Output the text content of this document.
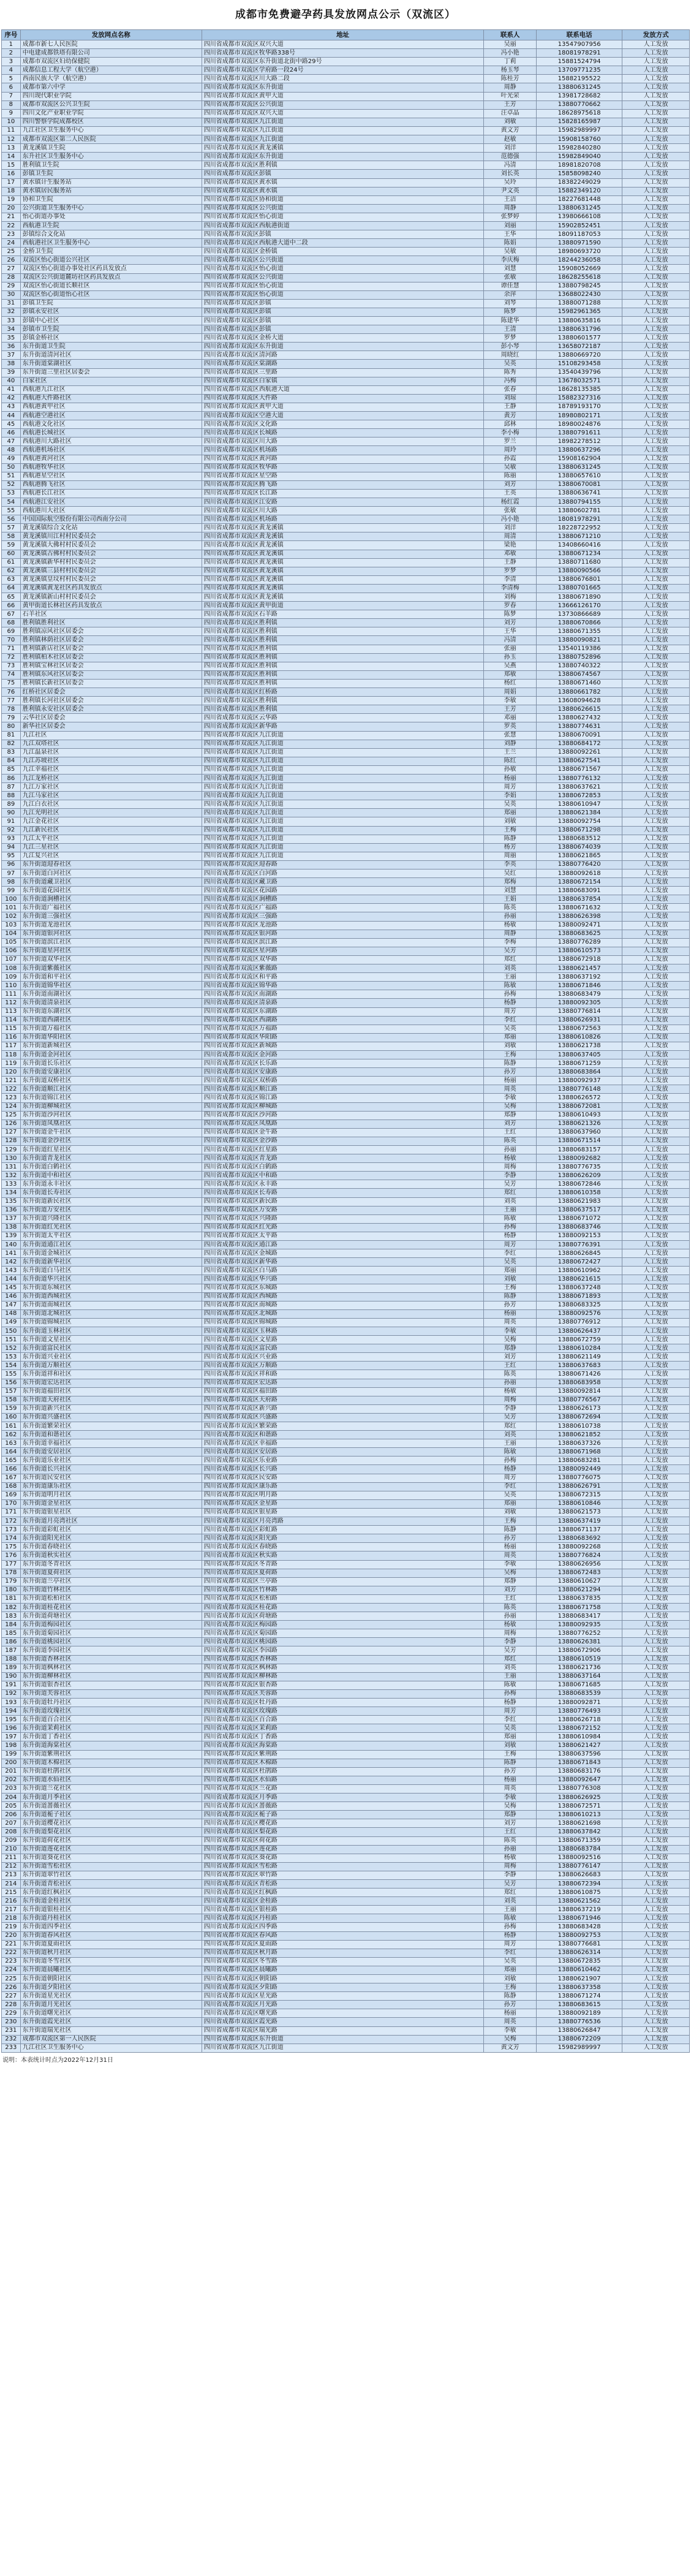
成都市免费避孕药具发放网点公示（双流区）
序号	发放网点名称	地址	联系人	联系电话	发放方式
1	成都市新七人民医院	四川省成都市双流区双兴大道	吴丽	13547907956	人工发放
2	中电建成都铁塔有限公司	四川省成都市双流区牧华路338号	冯小艳	18081978291	人工发放
3	成都市双流区妇幼保健院	四川省成都市双流区东升街道北街中路29号	丁莉	15881524794	人工发放
4	成都信息工程大学（航空港）	四川省成都市双流区学府路一段24号	杨玉琴	13709771235	人工发放
5	西南民族大学（航空港）	四川省成都市双流区川大路二段	陈桂芳	15882195522	人工发放
6	成都市第六中学	四川省成都市双流区东升街道	周静	13880631245	人工发放
7	四川现代职业学院	四川省成都市双流区黄甲大道	叶光荣	13981728682	人工发放
8	成都市双流区公兴卫生院	四川省成都市双流区公兴街道	王芳	13880770662	人工发放
9	四川文化产业职业学院	四川省成都市双流区双兴大道	汪卓晶	18628975618	人工发放
10	四川警察学院成都校区	四川省成都市双流区九江街道	刘敏	15828165987	人工发放
11	九江社区卫生服务中心	四川省成都市双流区九江街道	黄文芳	15982989997	人工发放
12	成都市双流区第二人民医院	四川省成都市双流区九江街道	赵敏	15908158760	人工发放
13	黄龙溪镇卫生院	四川省成都市双流区黄龙溪镇	刘洋	15982840280	人工发放
14	东升社区卫生服务中心	四川省成都市双流区东升街道	范德强	15982849040	人工发放
15	胜利镇卫生院	四川省成都市双流区胜利镇	冯清	18981820708	人工发放
16	彭镇卫生院	四川省成都市双流区彭镇	刘长英	15858098240	人工发放
17	黄水镇计生服务站	四川省成都市双流区黄水镇	吴玲	18382249029	人工发放
18	黄水镇居民服务站	四川省成都市双流区黄水镇	尹文英	15882349120	人工发放
19	协和卫生院	四川省成都市双流区协和街道	王洁	18227681448	人工发放
20	公兴街道卫生服务中心	四川省成都市双流区公兴街道	周静	13880631245	人工发放
21	怡心街道办事处	四川省成都市双流区怡心街道	张梦婷	13980666108	人工发放
22	西航港卫生院	四川省成都市双流区西航港街道	刘丽	15902852451	人工发放
23	彭镇综合文化站	四川省成都市双流区彭镇	王华	18091187053	人工发放
24	西航港社区卫生服务中心	四川省成都市双流区西航港大道中二段	陈娟	13880971590	人工发放
25	金桥卫生院	四川省成都市双流区金桥镇	吴敏	18980693720	人工发放
26	双流区怡心街道公兴社区	四川省成都市双流区公兴街道	李庆梅	18244236058	人工发放
27	双流区怡心街道办事处社区药具发放点	四川省成都市双流区怡心街道	刘慧	15908052669	人工发放
28	双流区公兴街道麓坊社区药具发放点	四川省成都市双流区公兴街道	张敏	18628255618	人工发放
29	双流区怡心街道长顺社区	四川省成都市双流区怡心街道	谭佳慧	13880798245	人工发放
30	双流区怡心街道怡心社区	四川省成都市双流区怡心街道	余萍	13688022430	人工发放
31	彭镇卫生院	四川省成都市双流区彭镇	刘琴	13880071288	人工发放
32	彭镇永安社区	四川省成都市双流区彭镇	陈梦	15982961365	人工发放
33	彭镇中心社区	四川省成都市双流区彭镇	陈建华	13880635816	人工发放
34	彭镇市卫生院	四川省成都市双流区彭镇	王清	13880631796	人工发放
35	彭镇金桥社区	四川省成都市双流区金桥大道	罗梦	13880601577	人工发放
36	东升街道卫生院	四川省成都市双流区东升街道	彭小琴	13658072187	人工发放
37	东升街道清河社区	四川省成都市双流区清河路	周晓红	13880669720	人工发放
38	东升街道棠湖社区	四川省成都市双流区棠湖路	吴英	15108293458	人工发放
39	东升街道三里社区居委会	四川省成都市双流区三里路	陈秀	13540439796	人工发放
40	白家社区	四川省成都市双流区白家镇	冯梅	13678032571	人工发放
41	西航港九江社区	四川省成都市双流区西航港大道	张春	18628135385	人工发放
42	西航港大件路社区	四川省成都市双流区大件路	刘琼	15882327316	人工发放
43	西航港黄甲社区	四川省成都市双流区黄甲大道	王静	18789193170	人工发放
44	西航港空港社区	四川省成都市双流区空港大道	黄芳	18980802171	人工发放
45	西航港文化社区	四川省成都市双流区文化路	邱林	18980024876	人工发放
46	西航港长城社区	四川省成都市双流区长城路	李小梅	13880791611	人工发放
47	西航港川大路社区	四川省成都市双流区川大路	罗兰	18982278512	人工发放
48	西航港机场社区	四川省成都市双流区机场路	周玲	13880637296	人工发放
49	西航港黄河社区	四川省成都市双流区黄河路	孙霞	15908162904	人工发放
50	西航港牧华社区	四川省成都市双流区牧华路	吴敏	13880631245	人工发放
51	西航港星空社区	四川省成都市双流区星空路	陈丽	13880657610	人工发放
52	西航港腾飞社区	四川省成都市双流区腾飞路	刘芳	13880670081	人工发放
53	西航港长江社区	四川省成都市双流区长江路	王英	13880636741	人工发放
54	西航港江安社区	四川省成都市双流区江安路	杨红霞	13880794155	人工发放
55	西航港川大社区	四川省成都市双流区川大路	张敏	13880602781	人工发放
56	中国国际航空股份有限公司西南分公司	四川省成都市双流区机场路	冯小艳	18081978291	人工发放
57	黄龙溪镇综合文化站	四川省成都市双流区黄龙溪镇	刘洋	18228722952	人工发放
58	黄龙溪镇川江村村民委员会	四川省成都市双流区黄龙溪镇	周清	13880671210	人工发放
59	黄龙溪镇大佛村村民委员会	四川省成都市双流区黄龙溪镇	梁艳	13408660416	人工发放
60	黄龙溪镇古佛村村民委员会	四川省成都市双流区黄龙溪镇	邓敏	13880671234	人工发放
61	黄龙溪镇新华村村民委员会	四川省成都市双流区黄龙溪镇	王静	13880711680	人工发放
62	黄龙溪镇三县村村民委员会	四川省成都市双流区黄龙溪镇	罗梦	13880090566	人工发放
63	黄龙溪镇皇坟村村民委员会	四川省成都市双流区黄龙溪镇	李清	13880676801	人工发放
64	黄龙溪镇黄龙社区药具发放点	四川省成都市双流区黄龙溪镇	李清梅	13880701665	人工发放
65	黄龙溪镇新山村村民委员会	四川省成都市双流区黄龙溪镇	刘梅	13880671890	人工发放
66	黄甲街道长林社区药具发放点	四川省成都市双流区黄甲街道	罗春	13666126170	人工发放
67	石羊社区	四川省成都市双流区石羊路	陈梦	13730866689	人工发放
68	胜利镇胜利社区	四川省成都市双流区胜利镇	刘芳	13880670866	人工发放
69	胜利镇凉风社区居委会	四川省成都市双流区胜利镇	王华	13880671355	人工发放
70	胜利镇林荫社区居委会	四川省成都市双流区胜利镇	冯清	13880090821	人工发放
71	胜利镇新店社区居委会	四川省成都市双流区胜利镇	张丽	13540119386	人工发放
72	胜利镇柏木社区居委会	四川省成都市双流区胜利镇	孙玉	13880752896	人工发放
73	胜利镇宝林社区居委会	四川省成都市双流区胜利镇	吴燕	13880740322	人工发放
74	胜利镇东风社区居委会	四川省成都市双流区胜利镇	郑敏	13880674567	人工发放
75	胜利镇长新社区居委会	四川省成都市双流区胜利镇	杨红	13880671460	人工发放
76	红桥社区居委会	四川省成都市双流区红桥路	周娟	13880661782	人工发放
77	胜利镇长河社区居委会	四川省成都市双流区胜利镇	李敏	13608094628	人工发放
78	胜利镇永安社区居委会	四川省成都市双流区胜利镇	王芳	13880626615	人工发放
79	云华社区居委会	四川省成都市双流区云华路	邓丽	13880627432	人工发放
80	新华社区居委会	四川省成都市双流区新华路	罗英	13880774631	人工发放
81	九江社区	四川省成都市双流区九江街道	张慧	13880670091	人工发放
82	九江双塔社区	四川省成都市双流区九江街道	刘静	13880684172	人工发放
83	九江温泉社区	四川省成都市双流区九江街道	王兰	13880092261	人工发放
84	九江苏坡社区	四川省成都市双流区九江街道	陈红	13880627541	人工发放
85	九江幸福社区	四川省成都市双流区九江街道	孙敏	13880671567	人工发放
86	九江龙桥社区	四川省成都市双流区九江街道	杨丽	13880776132	人工发放
87	九江万家社区	四川省成都市双流区九江街道	周芳	13880637621	人工发放
88	九江马家社区	四川省成都市双流区九江街道	李娟	13880672853	人工发放
89	九江白衣社区	四川省成都市双流区九江街道	吴英	13880610947	人工发放
90	九江光明社区	四川省成都市双流区九江街道	郑丽	13880621384	人工发放
91	九江金花社区	四川省成都市双流区九江街道	刘敏	13880092754	人工发放
92	九江新民社区	四川省成都市双流区九江街道	王梅	13880671298	人工发放
93	九江太平社区	四川省成都市双流区九江街道	陈静	13880683512	人工发放
94	九江三星社区	四川省成都市双流区九江街道	杨芳	13880674039	人工发放
95	九江复兴社区	四川省成都市双流区九江街道	周丽	13880621865	人工发放
96	东升街道迎春社区	四川省成都市双流区迎春路	李英	13880776420	人工发放
97	东升街道白河社区	四川省成都市双流区白河路	吴红	13880092618	人工发放
98	东升街道藏卫社区	四川省成都市双流区藏卫路	郑梅	13880672154	人工发放
99	东升街道花园社区	四川省成都市双流区花园路	刘慧	13880683091	人工发放
100	东升街道涧槽社区	四川省成都市双流区涧槽路	王娟	13880637854	人工发放
101	东升街道广福社区	四川省成都市双流区广福路	陈英	13880671632	人工发放
102	东升街道三强社区	四川省成都市双流区三强路	孙丽	13880626398	人工发放
103	东升街道龙池社区	四川省成都市双流区龙池路	杨敏	13880092471	人工发放
104	东升街道银河社区	四川省成都市双流区银河路	周静	13880683625	人工发放
105	东升街道滨江社区	四川省成都市双流区滨江路	李梅	13880776289	人工发放
106	东升街道星河社区	四川省成都市双流区星河路	吴芳	13880610573	人工发放
107	东升街道双华社区	四川省成都市双流区双华路	郑红	13880672918	人工发放
108	东升街道紫薇社区	四川省成都市双流区紫薇路	刘英	13880621457	人工发放
109	东升街道和平社区	四川省成都市双流区和平路	王丽	13880637192	人工发放
110	东升街道锦华社区	四川省成都市双流区锦华路	陈敏	13880671846	人工发放
111	东升街道南湖社区	四川省成都市双流区南湖路	孙梅	13880683479	人工发放
112	东升街道清泉社区	四川省成都市双流区清泉路	杨静	13880092305	人工发放
113	东升街道东湖社区	四川省成都市双流区东湖路	周芳	13880776814	人工发放
114	东升街道西湖社区	四川省成都市双流区西湖路	李红	13880626931	人工发放
115	东升街道万福社区	四川省成都市双流区万福路	吴英	13880672563	人工发放
116	东升街道华阳社区	四川省成都市双流区华阳路	郑丽	13880610826	人工发放
117	东升街道新城社区	四川省成都市双流区新城路	刘敏	13880621738	人工发放
118	东升街道金河社区	四川省成都市双流区金河路	王梅	13880637405	人工发放
119	东升街道长乐社区	四川省成都市双流区长乐路	陈静	13880671259	人工发放
120	东升街道安康社区	四川省成都市双流区安康路	孙芳	13880683864	人工发放
121	东升街道双桥社区	四川省成都市双流区双桥路	杨丽	13880092937	人工发放
122	东升街道顺江社区	四川省成都市双流区顺江路	周英	13880776148	人工发放
123	东升街道锦江社区	四川省成都市双流区锦江路	李敏	13880626572	人工发放
124	东升街道柳城社区	四川省成都市双流区柳城路	吴梅	13880672081	人工发放
125	东升街道沙河社区	四川省成都市双流区沙河路	郑静	13880610493	人工发放
126	东升街道凤凰社区	四川省成都市双流区凤凰路	刘芳	13880621326	人工发放
127	东升街道金牛社区	四川省成都市双流区金牛路	王红	13880637960	人工发放
128	东升街道金沙社区	四川省成都市双流区金沙路	陈英	13880671514	人工发放
129	东升街道红星社区	四川省成都市双流区红星路	孙丽	13880683157	人工发放
130	东升街道青龙社区	四川省成都市双流区青龙路	杨敏	13880092682	人工发放
131	东升街道白鹤社区	四川省成都市双流区白鹤路	周梅	13880776735	人工发放
132	东升街道中和社区	四川省成都市双流区中和路	李静	13880626209	人工发放
133	东升街道永丰社区	四川省成都市双流区永丰路	吴芳	13880672846	人工发放
134	东升街道长寿社区	四川省成都市双流区长寿路	郑红	13880610358	人工发放
135	东升街道新民社区	四川省成都市双流区新民路	刘英	13880621983	人工发放
136	东升街道万安社区	四川省成都市双流区万安路	王丽	13880637517	人工发放
137	东升街道兴隆社区	四川省成都市双流区兴隆路	陈敏	13880671072	人工发放
138	东升街道红光社区	四川省成都市双流区红光路	孙梅	13880683746	人工发放
139	东升街道太平社区	四川省成都市双流区太平路	杨静	13880092153	人工发放
140	东升街道通江社区	四川省成都市双流区通江路	周芳	13880776391	人工发放
141	东升街道金城社区	四川省成都市双流区金城路	李红	13880626845	人工发放
142	东升街道新华社区	四川省成都市双流区新华路	吴英	13880672427	人工发放
143	东升街道白马社区	四川省成都市双流区白马路	郑丽	13880610962	人工发放
144	东升街道华兴社区	四川省成都市双流区华兴路	刘敏	13880621615	人工发放
145	东升街道东城社区	四川省成都市双流区东城路	王梅	13880637248	人工发放
146	东升街道西城社区	四川省成都市双流区西城路	陈静	13880671893	人工发放
147	东升街道南城社区	四川省成都市双流区南城路	孙芳	13880683325	人工发放
148	东升街道北城社区	四川省成都市双流区北城路	杨丽	13880092576	人工发放
149	东升街道锦城社区	四川省成都市双流区锦城路	周英	13880776912	人工发放
150	东升街道玉林社区	四川省成都市双流区玉林路	李敏	13880626437	人工发放
151	东升街道文星社区	四川省成都市双流区文星路	吴梅	13880672759	人工发放
152	东升街道富民社区	四川省成都市双流区富民路	郑静	13880610284	人工发放
153	东升街道兴业社区	四川省成都市双流区兴业路	刘芳	13880621149	人工发放
154	东升街道万顺社区	四川省成都市双流区万顺路	王红	13880637683	人工发放
155	东升街道祥和社区	四川省成都市双流区祥和路	陈英	13880671426	人工发放
156	东升街道宏达社区	四川省成都市双流区宏达路	孙丽	13880683958	人工发放
157	东升街道福田社区	四川省成都市双流区福田路	杨敏	13880092814	人工发放
158	东升街道天府社区	四川省成都市双流区天府路	周梅	13880776567	人工发放
159	东升街道新兴社区	四川省成都市双流区新兴路	李静	13880626173	人工发放
160	东升街道兴盛社区	四川省成都市双流区兴盛路	吴芳	13880672694	人工发放
161	东升街道繁荣社区	四川省成都市双流区繁荣路	郑红	13880610738	人工发放
162	东升街道和谐社区	四川省成都市双流区和谐路	刘英	13880621852	人工发放
163	东升街道幸福社区	四川省成都市双流区幸福路	王丽	13880637326	人工发放
164	东升街道安居社区	四川省成都市双流区安居路	陈敏	13880671968	人工发放
165	东升街道乐业社区	四川省成都市双流区乐业路	孙梅	13880683281	人工发放
166	东升街道长兴社区	四川省成都市双流区长兴路	杨静	13880092449	人工发放
167	东升街道民安社区	四川省成都市双流区民安路	周芳	13880776075	人工发放
168	东升街道康乐社区	四川省成都市双流区康乐路	李红	13880626791	人工发放
169	东升街道明月社区	四川省成都市双流区明月路	吴英	13880672315	人工发放
170	东升街道金星社区	四川省成都市双流区金星路	郑丽	13880610846	人工发放
171	东升街道银星社区	四川省成都市双流区银星路	刘敏	13880621573	人工发放
172	东升街道月亮湾社区	四川省成都市双流区月亮湾路	王梅	13880637419	人工发放
173	东升街道彩虹社区	四川省成都市双流区彩虹路	陈静	13880671137	人工发放
174	东升街道阳光社区	四川省成都市双流区阳光路	孙芳	13880683692	人工发放
175	东升街道春晓社区	四川省成都市双流区春晓路	杨丽	13880092268	人工发放
176	东升街道秋实社区	四川省成都市双流区秋实路	周英	13880776824	人工发放
177	东升街道冬青社区	四川省成都市双流区冬青路	李敏	13880626956	人工发放
178	东升街道夏荷社区	四川省成都市双流区夏荷路	吴梅	13880672483	人工发放
179	东升街道兰亭社区	四川省成都市双流区兰亭路	郑静	13880610627	人工发放
180	东升街道竹林社区	四川省成都市双流区竹林路	刘芳	13880621294	人工发放
181	东升街道松柏社区	四川省成都市双流区松柏路	王红	13880637835	人工发放
182	东升街道桂花社区	四川省成都市双流区桂花路	陈英	13880671758	人工发放
183	东升街道荷塘社区	四川省成都市双流区荷塘路	孙丽	13880683417	人工发放
184	东升街道梅园社区	四川省成都市双流区梅园路	杨敏	13880092935	人工发放
185	东升街道菊园社区	四川省成都市双流区菊园路	周梅	13880776252	人工发放
186	东升街道桃园社区	四川省成都市双流区桃园路	李静	13880626381	人工发放
187	东升街道李园社区	四川省成都市双流区李园路	吴芳	13880672906	人工发放
188	东升街道杏林社区	四川省成都市双流区杏林路	郑红	13880610519	人工发放
189	东升街道枫林社区	四川省成都市双流区枫林路	刘英	13880621736	人工发放
190	东升街道柳林社区	四川省成都市双流区柳林路	王丽	13880637164	人工发放
191	东升街道银杏社区	四川省成都市双流区银杏路	陈敏	13880671685	人工发放
192	东升街道芙蓉社区	四川省成都市双流区芙蓉路	孙梅	13880683539	人工发放
193	东升街道牡丹社区	四川省成都市双流区牡丹路	杨静	13880092871	人工发放
194	东升街道玫瑰社区	四川省成都市双流区玫瑰路	周芳	13880776493	人工发放
195	东升街道百合社区	四川省成都市双流区百合路	李红	13880626718	人工发放
196	东升街道茉莉社区	四川省成都市双流区茉莉路	吴英	13880672152	人工发放
197	东升街道丁香社区	四川省成都市双流区丁香路	郑丽	13880610984	人工发放
198	东升街道海棠社区	四川省成都市双流区海棠路	刘敏	13880621427	人工发放
199	东升街道紫荆社区	四川省成都市双流区紫荆路	王梅	13880637596	人工发放
200	东升街道木棉社区	四川省成都市双流区木棉路	陈静	13880671843	人工发放
201	东升街道杜鹃社区	四川省成都市双流区杜鹃路	孙芳	13880683176	人工发放
202	东升街道水仙社区	四川省成都市双流区水仙路	杨丽	13880092647	人工发放
203	东升街道兰花社区	四川省成都市双流区兰花路	周英	13880776308	人工发放
204	东升街道月季社区	四川省成都市双流区月季路	李敏	13880626925	人工发放
205	东升街道蔷薇社区	四川省成都市双流区蔷薇路	吴梅	13880672571	人工发放
206	东升街道栀子社区	四川省成都市双流区栀子路	郑静	13880610213	人工发放
207	东升街道樱花社区	四川省成都市双流区樱花路	刘芳	13880621698	人工发放
208	东升街道梨花社区	四川省成都市双流区梨花路	王红	13880637842	人工发放
209	东升街道荷花社区	四川省成都市双流区荷花路	陈英	13880671359	人工发放
210	东升街道莲花社区	四川省成都市双流区莲花路	孙丽	13880683784	人工发放
211	东升街道葵花社区	四川省成都市双流区葵花路	杨敏	13880092516	人工发放
212	东升街道雪松社区	四川省成都市双流区雪松路	周梅	13880776147	人工发放
213	东升街道翠竹社区	四川省成都市双流区翠竹路	李静	13880626683	人工发放
214	东升街道青松社区	四川省成都市双流区青松路	吴芳	13880672394	人工发放
215	东升街道红枫社区	四川省成都市双流区红枫路	郑红	13880610875	人工发放
216	东升街道金桂社区	四川省成都市双流区金桂路	刘英	13880621562	人工发放
217	东升街道银桂社区	四川省成都市双流区银桂路	王丽	13880637219	人工发放
218	东升街道丹桂社区	四川省成都市双流区丹桂路	陈敏	13880671946	人工发放
219	东升街道四季社区	四川省成都市双流区四季路	孙梅	13880683428	人工发放
220	东升街道春风社区	四川省成都市双流区春风路	杨静	13880092753	人工发放
221	东升街道夏雨社区	四川省成都市双流区夏雨路	周芳	13880776681	人工发放
222	东升街道秋月社区	四川省成都市双流区秋月路	李红	13880626314	人工发放
223	东升街道冬雪社区	四川省成都市双流区冬雪路	吴英	13880672835	人工发放
224	东升街道晨曦社区	四川省成都市双流区晨曦路	郑丽	13880610462	人工发放
225	东升街道朝阳社区	四川省成都市双流区朝阳路	刘敏	13880621907	人工发放
226	东升街道夕阳社区	四川省成都市双流区夕阳路	王梅	13880637358	人工发放
227	东升街道星光社区	四川省成都市双流区星光路	陈静	13880671274	人工发放
228	东升街道月光社区	四川省成都市双流区月光路	孙芳	13880683615	人工发放
229	东升街道曙光社区	四川省成都市双流区曙光路	杨丽	13880092189	人工发放
230	东升街道霞光社区	四川省成都市双流区霞光路	周英	13880776536	人工发放
231	东升街道瑞光社区	四川省成都市双流区瑞光路	李敏	13880626847	人工发放
232	成都市双流区第一人民医院	四川省成都市双流区东升街道	吴梅	13880672209	人工发放
233	九江社区卫生服务中心	四川省成都市双流区九江街道	黄文芳	15982989997	人工发放
说明：本表统计时点为2022年12月31日
